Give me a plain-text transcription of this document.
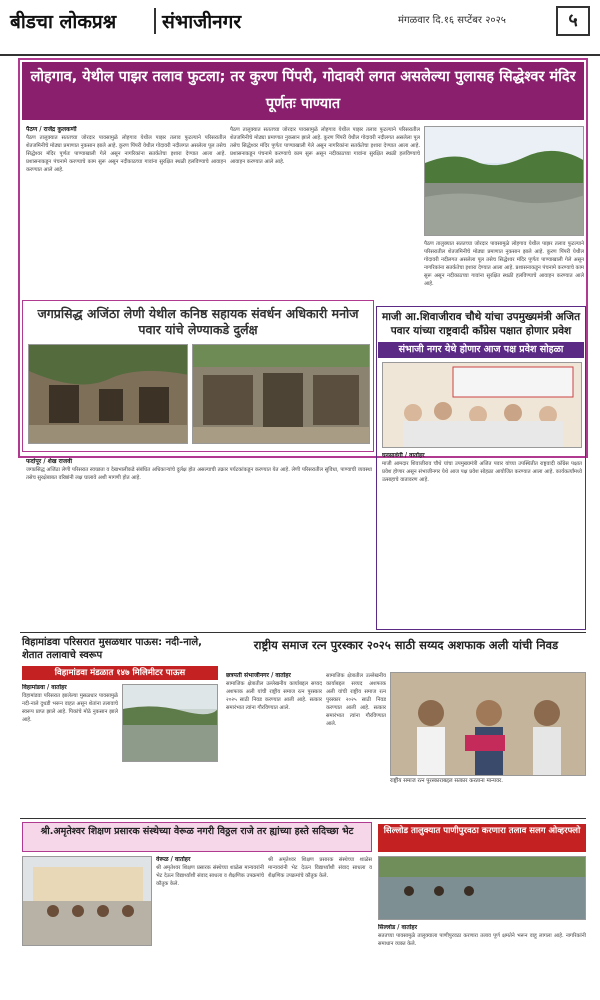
बीडचा लोकप्रश्न	संभाजीनगर	मंगळवार दि.१६ सप्टेंबर २०२५	५
लोहगाव, येथील पाझर तलाव फुटला; तर कुरण पिंपरी, गोदावरी लगत असलेल्या पुलासह सिद्धेश्वर मंदिर पूर्णतः पाण्यात
पैठण / राजेंद्र कुलकर्णी
पैठण तालुक्यात सततच्या जोरदार पावसामुळे लोहगाव येथील पाझर तलाव फुटल्याने परिसरातील शेतजमिनीचे मोठ्या प्रमाणात नुकसान झाले आहे. कुरण पिंपरी येथील गोदावरी नदीलगत असलेला पूल तसेच सिद्धेश्वर मंदिर पूर्णतः पाण्याखाली गेले असून नागरिकांना सतर्कतेचा इशारा देण्यात आला आहे. प्रशासनाकडून पंचनामे करण्याचे काम सुरू असून नदीकाठच्या गावांना सुरक्षित स्थळी हलविण्याचे आवाहन करण्यात आले आहे.
पैठण तालुक्यात सततच्या जोरदार पावसामुळे लोहगाव येथील पाझर तलाव फुटल्याने परिसरातील शेतजमिनीचे मोठ्या प्रमाणात नुकसान झाले आहे. कुरण पिंपरी येथील गोदावरी नदीलगत असलेला पूल तसेच सिद्धेश्वर मंदिर पूर्णतः पाण्याखाली गेले असून नागरिकांना सतर्कतेचा इशारा देण्यात आला आहे. प्रशासनाकडून पंचनामे करण्याचे काम सुरू असून नदीकाठच्या गावांना सुरक्षित स्थळी हलविण्याचे आवाहन करण्यात आले आहे.
पैठण तालुक्यात सततच्या जोरदार पावसामुळे लोहगाव येथील पाझर तलाव फुटल्याने परिसरातील शेतजमिनीचे मोठ्या प्रमाणात नुकसान झाले आहे. कुरण पिंपरी येथील गोदावरी नदीलगत असलेला पूल तसेच सिद्धेश्वर मंदिर पूर्णतः पाण्याखाली गेले असून नागरिकांना सतर्कतेचा इशारा देण्यात आला आहे. प्रशासनाकडून पंचनामे करण्याचे काम सुरू असून नदीकाठच्या गावांना सुरक्षित स्थळी हलविण्याचे आवाहन करण्यात आले आहे.
जगप्रसिद्ध अजिंठा लेणी येथील कनिष्ठ सहायक संवर्धन अधिकारी मनोज पवार यांचे लेण्याकडे दुर्लक्ष
माजी आ.शिवाजीराव चौथे यांचा उपमुख्यमंत्री अजित पवार यांच्या राष्ट्रवादी काँग्रेस पक्षात होणार प्रवेश
संभाजी नगर येथे होणार आज पक्ष प्रवेश सोहळा
घनसावंगी / वार्ताहर
माजी आमदार शिवाजीराव चौथे यांचा उपमुख्यमंत्री अजित पवार यांच्या उपस्थितीत राष्ट्रवादी काँग्रेस पक्षात प्रवेश होणार असून संभाजीनगर येथे आज पक्ष प्रवेश सोहळा आयोजित करण्यात आला आहे. कार्यकर्त्यांमध्ये उत्साहाचे वातावरण आहे.
फर्दापूर / शेख राजवी
जगप्रसिद्ध अजिंठा लेणी परिसरात स्वच्छता व देखभालीकडे संबंधित अधिकाऱ्यांचे दुर्लक्ष होत असल्याची तक्रार पर्यटकांकडून करण्यात येत आहे. लेणी परिसरातील सुविधा, पाण्याची व्यवस्था तसेच सुरक्षेबाबत वरिष्ठांनी लक्ष घालावे अशी मागणी होत आहे.
विहामांडवा परिसरात मुसळधार पाऊस: नदी-नाले, शेतात तलावाचे स्वरूप
विहामांडवा मंडळात १४७ मिलिमीटर पाऊस
विहामांडवा / वार्ताहर
विहामांडवा परिसरात झालेल्या मुसळधार पावसामुळे नदी-नाले दुथडी भरून वाहत असून शेतांना तलावाचे स्वरूप प्राप्त झाले आहे. पिकांचे मोठे नुकसान झाले आहे.
राष्ट्रीय समाज रत्न पुरस्कार २०२५ साठी सय्यद अशफाक अली यांची निवड
छत्रपती संभाजीनगर / वार्ताहर
सामाजिक क्षेत्रातील उल्लेखनीय कार्याबद्दल सय्यद अशफाक अली यांची राष्ट्रीय समाज रत्न पुरस्कार २०२५ साठी निवड करण्यात आली आहे. सत्कार समारंभात त्यांना गौरविण्यात आले.
सामाजिक क्षेत्रातील उल्लेखनीय कार्याबद्दल सय्यद अशफाक अली यांची राष्ट्रीय समाज रत्न पुरस्कार २०२५ साठी निवड करण्यात आली आहे. सत्कार समारंभात त्यांना गौरविण्यात आले.
राष्ट्रीय समाज रत्न पुरस्काराबद्दल सत्कार करताना मान्यवर.
श्री.अमृतेश्वर शिक्षण प्रसारक संस्थेच्या वेरूळ नगरी विठ्ठल राजे तर ह्यांच्या हस्ते सदिच्छा भेट
वेरूळ / वार्ताहर
श्री अमृतेश्वर शिक्षण प्रसारक संस्थेच्या शाळेस मान्यवरांनी भेट देऊन विद्यार्थ्यांशी संवाद साधला व शैक्षणिक उपक्रमांचे कौतुक केले.
श्री अमृतेश्वर शिक्षण प्रसारक संस्थेच्या शाळेस मान्यवरांनी भेट देऊन विद्यार्थ्यांशी संवाद साधला व शैक्षणिक उपक्रमांचे कौतुक केले.
सिल्लोड तालुक्यात पाणीपुरवठा करणारा तलाव सलग ओव्हरफ्लो
सिल्लोड / वार्ताहर
सततच्या पावसामुळे तालुक्याला पाणीपुरवठा करणारा तलाव पूर्ण क्षमतेने भरून वाहू लागला आहे. नागरिकांनी समाधान व्यक्त केले.
